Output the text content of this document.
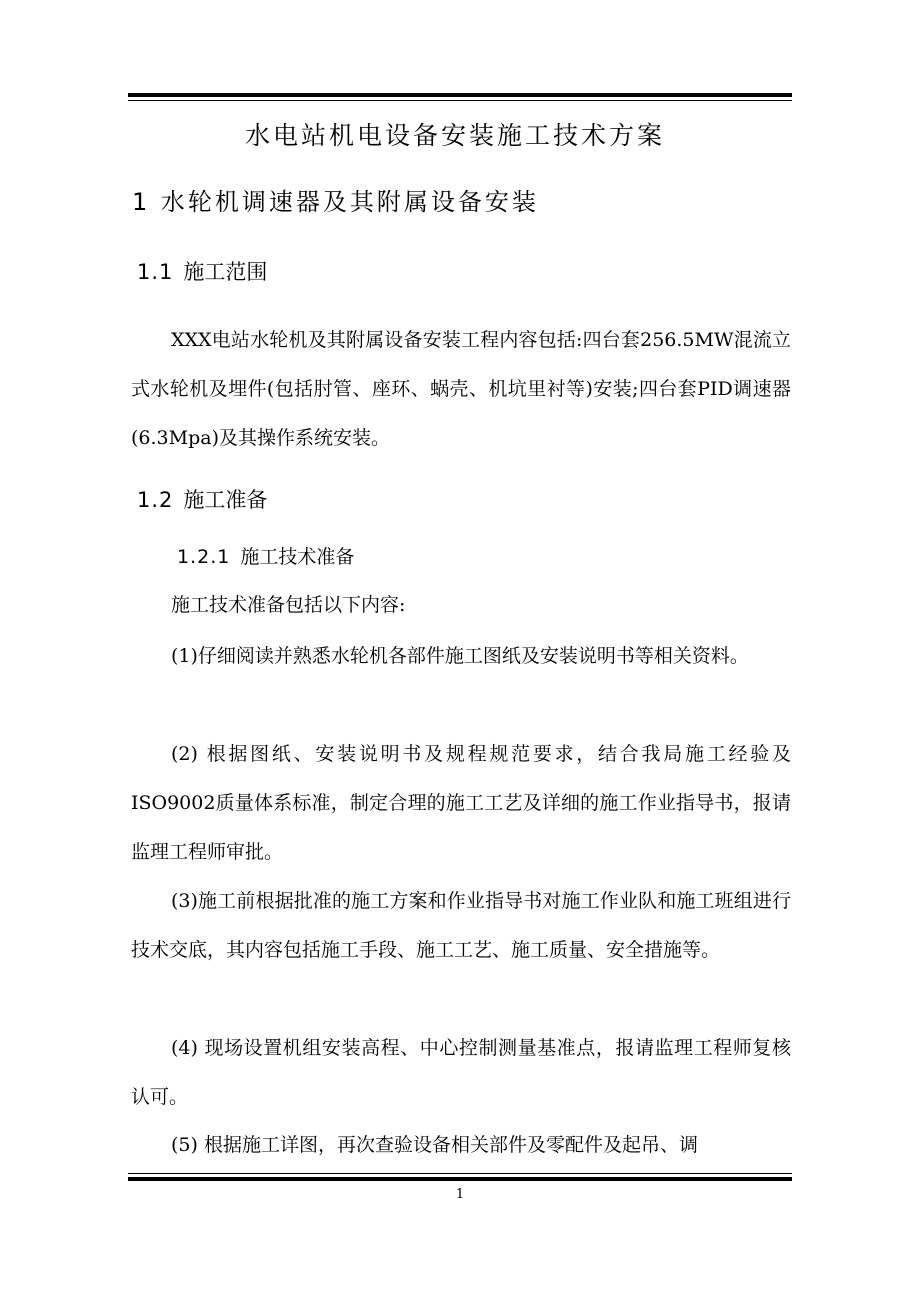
水电站机电设备安装施工技术方案
1 水轮机调速器及其附属设备安装
1.1 施工范围
XXX电站水轮机及其附属设备安装工程内容包括:四台套256.5MW混流立式水轮机及埋件(包括肘管、座环、蜗壳、机坑里衬等)安装;四台套PID调速器(6.3Mpa)及其操作系统安装。
1.2 施工准备
1.2.1 施工技术准备
施工技术准备包括以下内容:
(1)仔细阅读并熟悉水轮机各部件施工图纸及安装说明书等相关资料。
(2) 根据图纸、安装说明书及规程规范要求，结合我局施工经验及ISO9002质量体系标准，制定合理的施工工艺及详细的施工作业指导书，报请监理工程师审批。
(3)施工前根据批准的施工方案和作业指导书对施工作业队和施工班组进行技术交底，其内容包括施工手段、施工工艺、施工质量、安全措施等。
(4) 现场设置机组安装高程、中心控制测量基准点，报请监理工程师复核认可。
(5) 根据施工详图，再次查验设备相关部件及零配件及起吊、调
1
